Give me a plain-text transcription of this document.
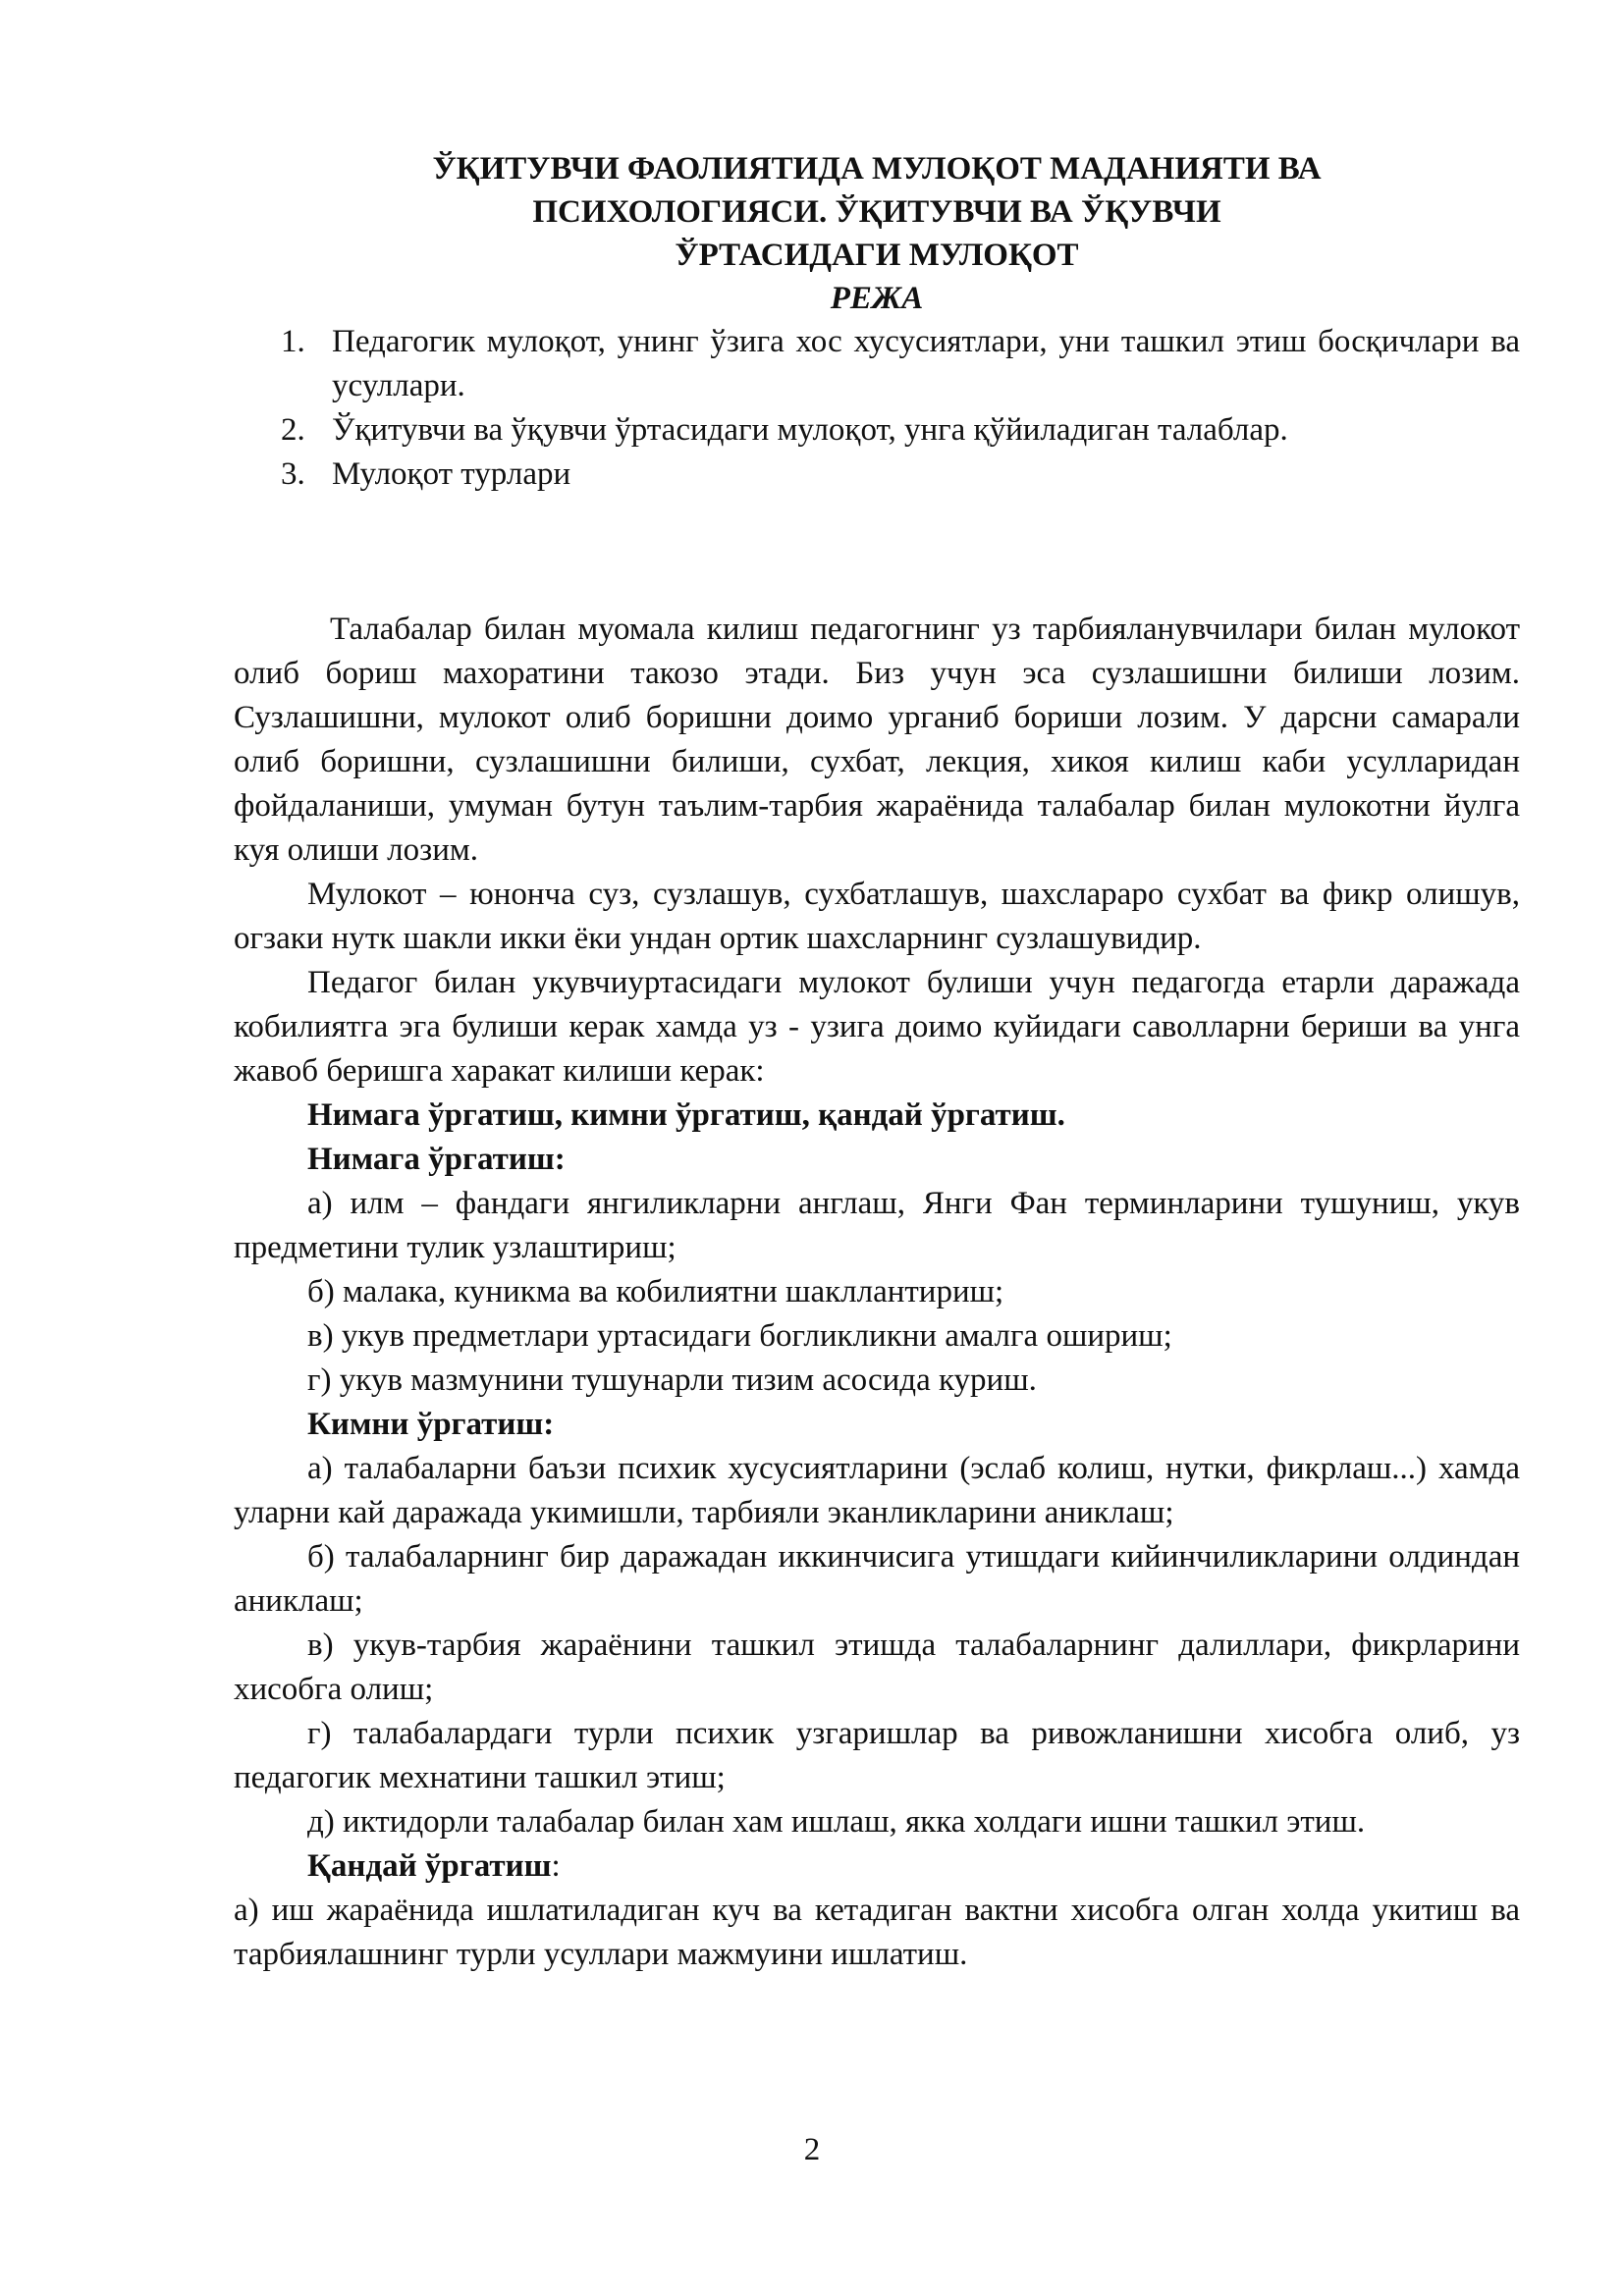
ЎҚИТУВЧИ ФАОЛИЯТИДА МУЛОҚОТ МАДАНИЯТИ ВА
ПСИХОЛОГИЯСИ. ЎҚИТУВЧИ ВА ЎҚУВЧИ
ЎРТАСИДАГИ МУЛОҚОТ
РЕЖА
1. Педагогик мулоқот, унинг ўзига хос хусусиятлари, уни ташкил этиш босқичлари ва усуллари.
2. Ўқитувчи ва ўқувчи ўртасидаги мулоқот, унга қўйиладиган талаблар.
3. Мулоқот турлари

Талабалар билан муомала килиш педагогнинг уз тарбияланувчилари билан мулокот олиб бориш махоратини такозо этади. Биз учун эса сузлашишни билиши лозим. Сузлашишни, мулокот олиб боришни доимо урганиб бориши лозим. У дарсни самарали олиб боришни, сузлашишни билиши, сухбат, лекция, хикоя килиш каби усулларидан фойдаланиши, умуман бутун таълим-тарбия жараёнида талабалар билан мулокотни йулга куя олиши лозим.

Мулокот – юнонча суз, сузлашув, сухбатлашув, шахслараро сухбат ва фикр олишув, огзаки нутк шакли икки ёки ундан ортик шахсларнинг сузлашувидир.

Педагог билан укувчиуртасидаги мулокот булиши учун педагогда етарли даражада кобилиятга эга булиши керак хамда уз - узига доимо куйидаги саволларни бериши ва унга жавоб беришга харакат килиши керак:

Нимага ўргатиш, кимни ўргатиш, қандай ўргатиш.

Нимага ўргатиш:

а) илм – фандаги янгиликларни англаш, Янги Фан терминларини тушуниш, укув предметини тулик узлаштириш;

б) малака, куникма ва кобилиятни шакллантириш;

в) укув предметлари уртасидаги богликликни амалга ошириш;

г) укув мазмунини тушунарли тизим асосида куриш.

Кимни ўргатиш:

а) талабаларни баъзи психик хусусиятларини (эслаб колиш, нутки, фикрлаш...) хамда уларни кай даражада укимишли, тарбияли эканликларини аниклаш;

б) талабаларнинг бир даражадан иккинчисига утишдаги кийинчиликларини олдиндан аниклаш;

в) укув-тарбия жараёнини ташкил этишда талабаларнинг далиллари, фикрларини хисобга олиш;

г) талабалардаги турли психик узгаришлар ва ривожланишни хисобга олиб, уз педагогик мехнатини ташкил этиш;

д) иктидорли талабалар билан хам ишлаш, якка холдаги ишни ташкил этиш.

Қандай ўргатиш:

а) иш жараёнида ишлатиладиган куч ва кетадиган вактни хисобга олган холда укитиш ва тарбиялашнинг турли усуллари мажмуини ишлатиш.

2
